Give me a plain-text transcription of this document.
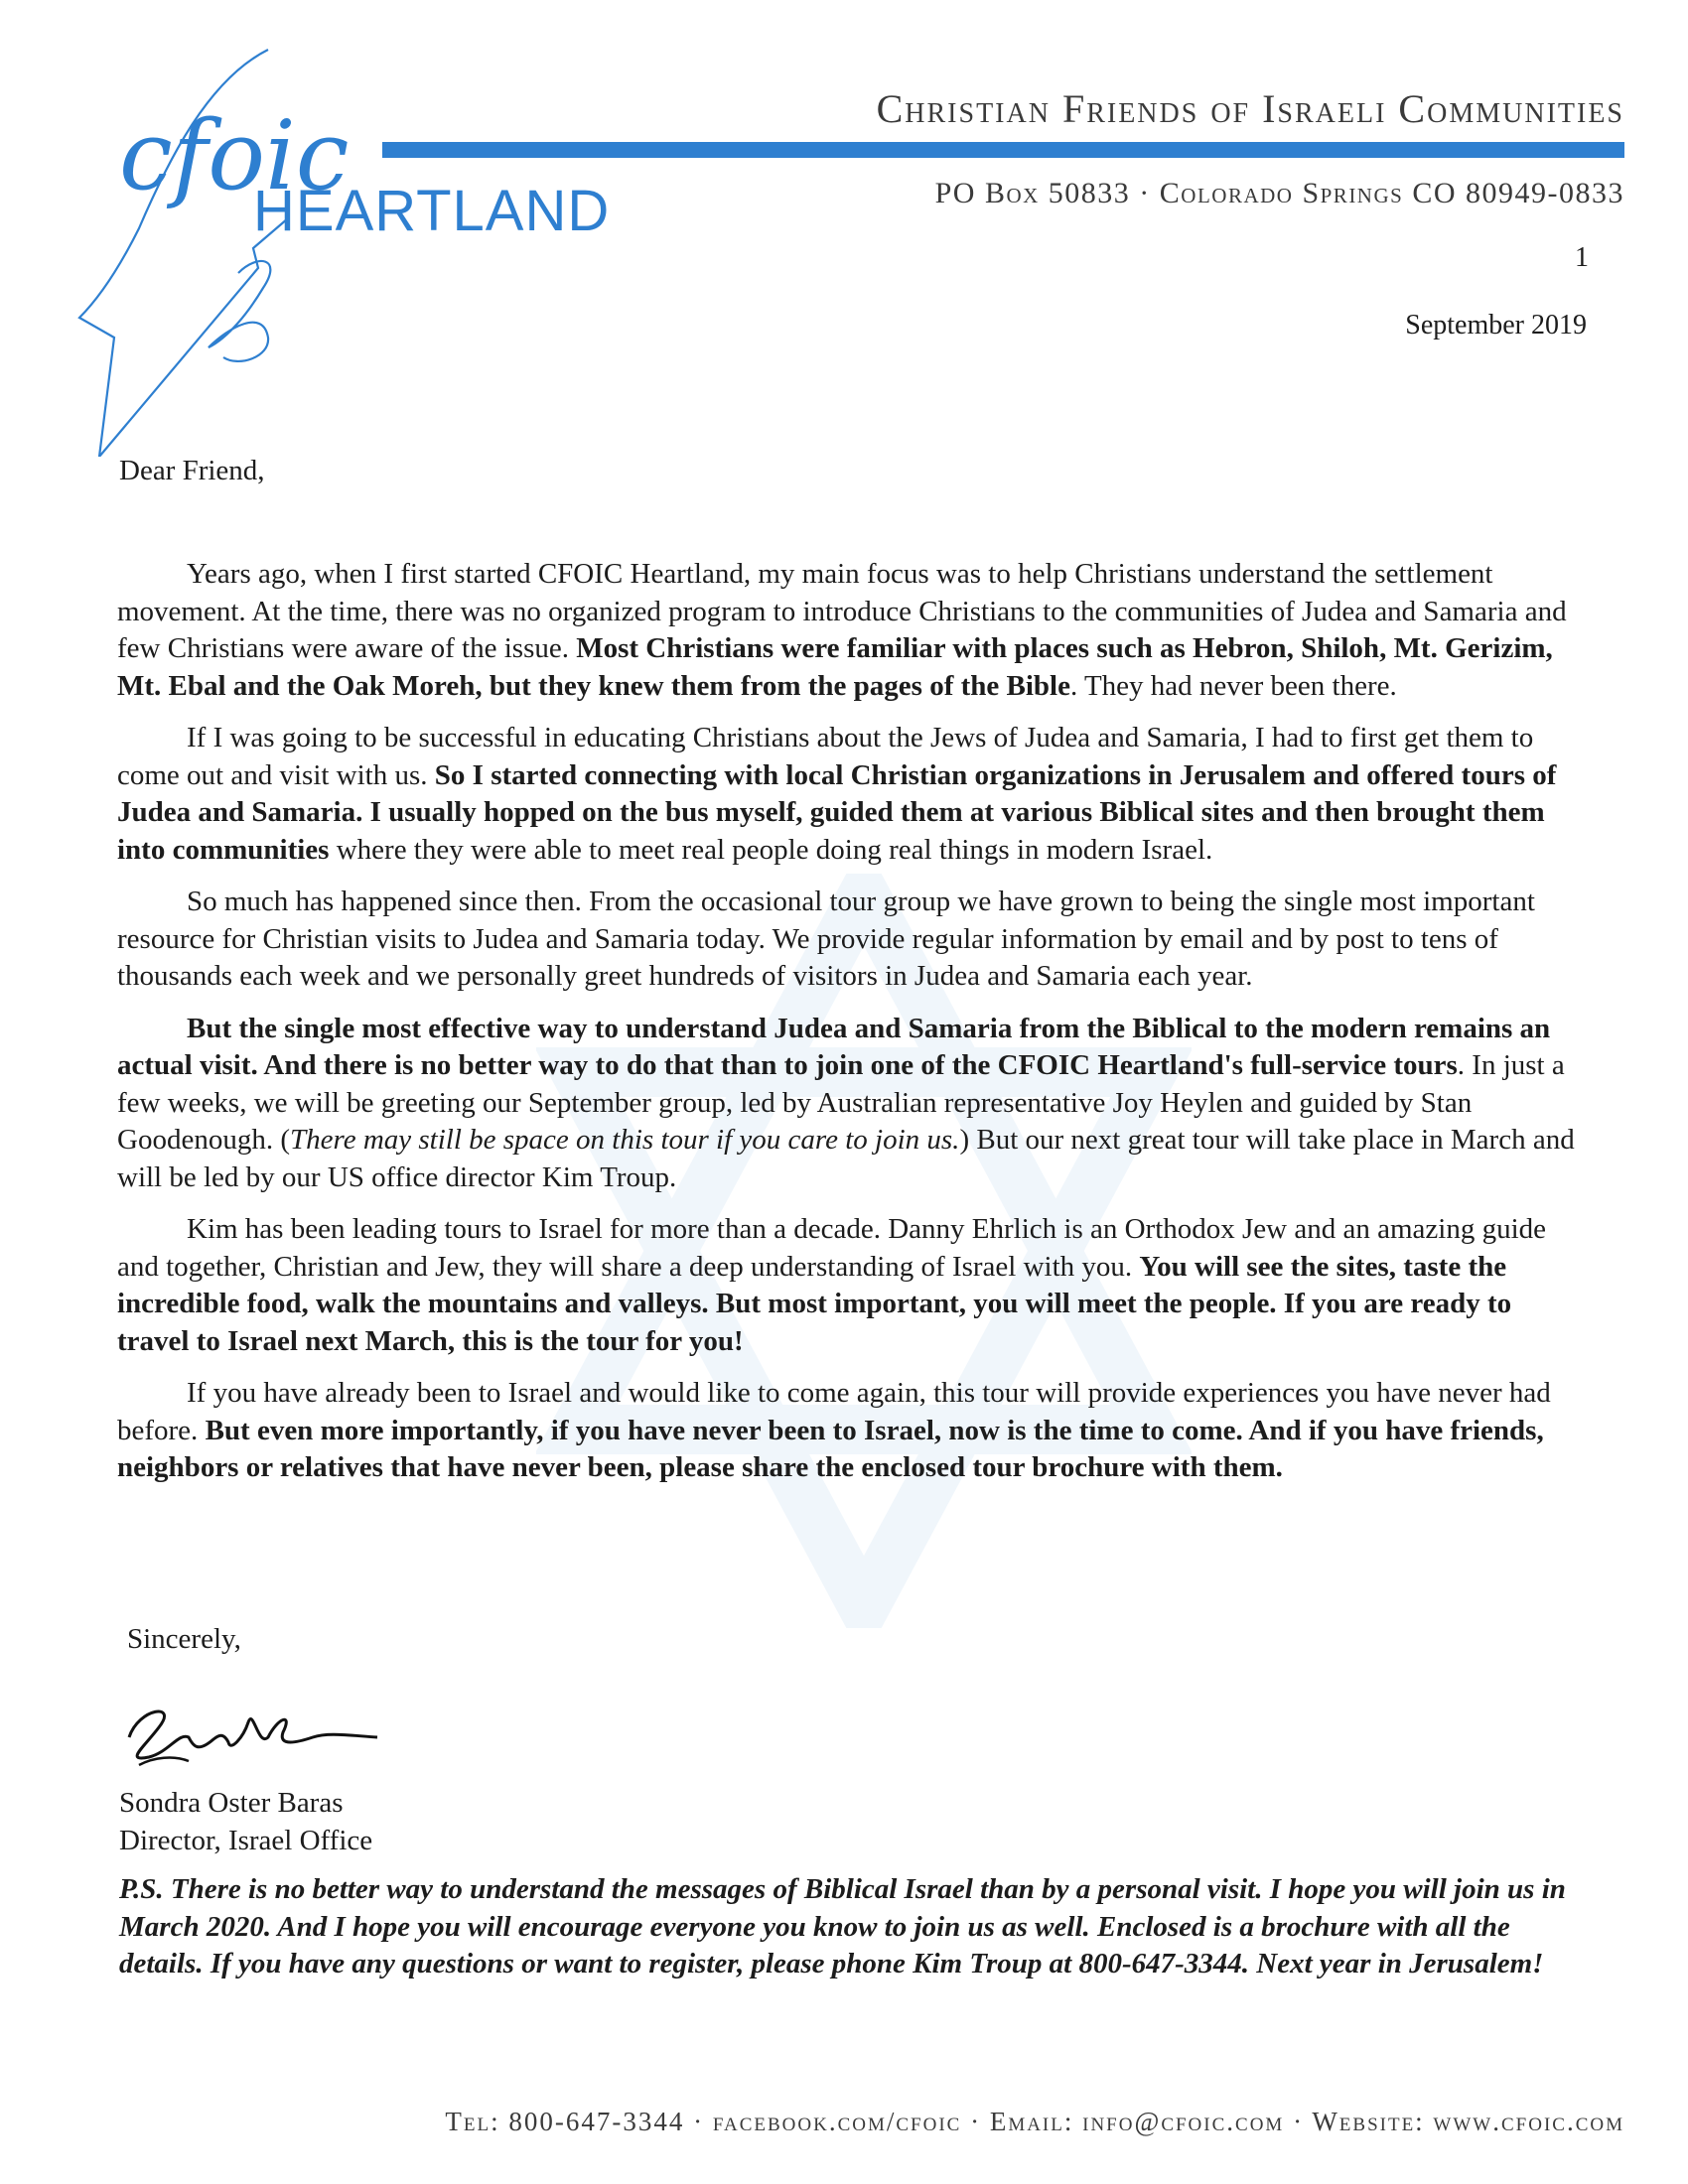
cfoic
HEARTLAND
Christian Friends of Israeli Communities
PO Box 50833 · Colorado Springs CO 80949-0833
1
September 2019
Dear Friend,

Years ago, when I first started CFOIC Heartland, my main focus was to help Christians understand the settlement movement. At the time, there was no organized program to introduce Christians to the communities of Judea and Samaria and few Christians were aware of the issue. Most Christians were familiar with places such as Hebron, Shiloh, Mt. Gerizim, Mt. Ebal and the Oak Moreh, but they knew them from the pages of the Bible. They had never been there.

If I was going to be successful in educating Christians about the Jews of Judea and Samaria, I had to first get them to come out and visit with us. So I started connecting with local Christian organizations in Jerusalem and offered tours of Judea and Samaria. I usually hopped on the bus myself, guided them at various Biblical sites and then brought them into communities where they were able to meet real people doing real things in modern Israel.

So much has happened since then. From the occasional tour group we have grown to being the single most important resource for Christian visits to Judea and Samaria today. We provide regular information by email and by post to tens of thousands each week and we personally greet hundreds of visitors in Judea and Samaria each year.

But the single most effective way to understand Judea and Samaria from the Biblical to the modern remains an actual visit. And there is no better way to do that than to join one of the CFOIC Heartland's full-service tours. In just a few weeks, we will be greeting our September group, led by Australian representative Joy Heylen and guided by Stan Goodenough. (There may still be space on this tour if you care to join us.) But our next great tour will take place in March and will be led by our US office director Kim Troup.

Kim has been leading tours to Israel for more than a decade. Danny Ehrlich is an Orthodox Jew and an amazing guide and together, Christian and Jew, they will share a deep understanding of Israel with you. You will see the sites, taste the incredible food, walk the mountains and valleys. But most important, you will meet the people. If you are ready to travel to Israel next March, this is the tour for you!

If you have already been to Israel and would like to come again, this tour will provide experiences you have never had before. But even more importantly, if you have never been to Israel, now is the time to come. And if you have friends, neighbors or relatives that have never been, please share the enclosed tour brochure with them.

Sincerely,
Sondra Oster Baras
Director, Israel Office
P.S. There is no better way to understand the messages of Biblical Israel than by a personal visit. I hope you will join us in March 2020. And I hope you will encourage everyone you know to join us as well. Enclosed is a brochure with all the details. If you have any questions or want to register, please phone Kim Troup at 800-647-3344. Next year in Jerusalem!
Tel: 800-647-3344 · facebook.com/cfoic · Email: info@cfoic.com · Website: www.cfoic.com
